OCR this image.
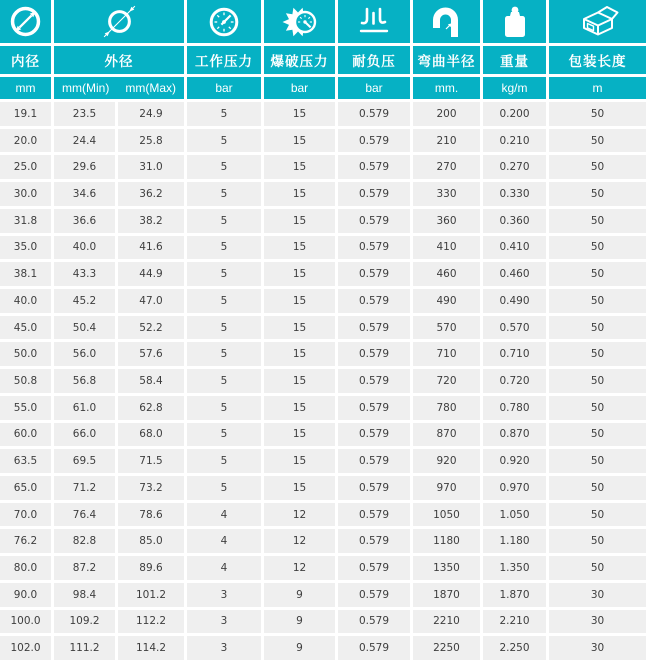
内径	外径	工作压力	爆破压力	耐负压	弯曲半径	重量	包装长度
mm	mm(Min) mm(Max)	bar	bar	bar	mm.	kg/m	m
19.1	23.5	24.9	5	15	0.579	200	0.200	50
20.0	24.4	25.8	5	15	0.579	210	0.210	50
25.0	29.6	31.0	5	15	0.579	270	0.270	50
30.0	34.6	36.2	5	15	0.579	330	0.330	50
31.8	36.6	38.2	5	15	0.579	360	0.360	50
35.0	40.0	41.6	5	15	0.579	410	0.410	50
38.1	43.3	44.9	5	15	0.579	460	0.460	50
40.0	45.2	47.0	5	15	0.579	490	0.490	50
45.0	50.4	52.2	5	15	0.579	570	0.570	50
50.0	56.0	57.6	5	15	0.579	710	0.710	50
50.8	56.8	58.4	5	15	0.579	720	0.720	50
55.0	61.0	62.8	5	15	0.579	780	0.780	50
60.0	66.0	68.0	5	15	0.579	870	0.870	50
63.5	69.5	71.5	5	15	0.579	920	0.920	50
65.0	71.2	73.2	5	15	0.579	970	0.970	50
70.0	76.4	78.6	4	12	0.579	1050	1.050	50
76.2	82.8	85.0	4	12	0.579	1180	1.180	50
80.0	87.2	89.6	4	12	0.579	1350	1.350	50
90.0	98.4	101.2	3	9	0.579	1870	1.870	30
100.0	109.2	112.2	3	9	0.579	2210	2.210	30
102.0	111.2	114.2	3	9	0.579	2250	2.250	30
